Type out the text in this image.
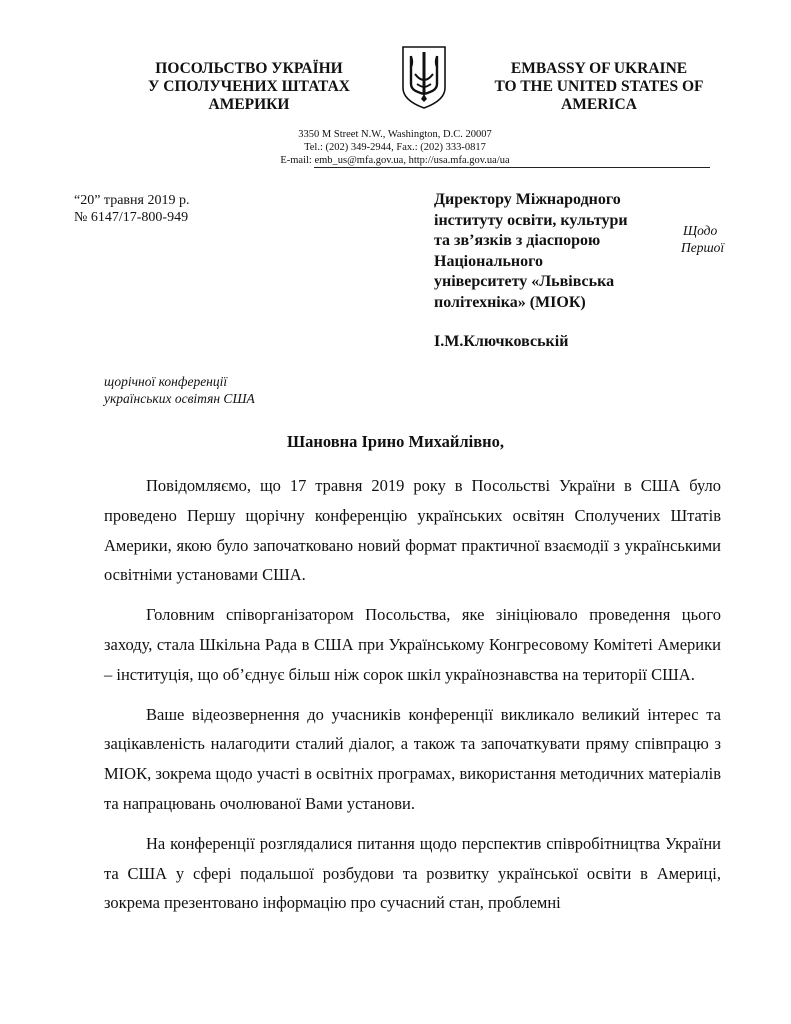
ПОСОЛЬСТВО УКРАЇНИ
У СПОЛУЧЕНИХ ШТАТАХ
АМЕРИКИ
EMBASSY OF UKRAINE
TO THE UNITED STATES OF
AMERICA
3350 M Street N.W., Washington, D.C. 20007
Tel.: (202) 349-2944, Fax.: (202) 333-0817
E-mail: emb_us@mfa.gov.ua, http://usa.mfa.gov.ua/ua
“20” травня 2019 р.
№ 6147/17-800-949
Директору Міжнародного
інституту освіти, культури
та зв’язків з діаспорою
Національного
університету «Львівська
політехніка» (МІОК)
І.М.Ключковській
Щодо
Першої
щорічної конференції
українських освітян США
Шановна Ірино Михайлівно,

Повідомляємо, що 17 травня 2019 року в Посольстві України в США було проведено Першу щорічну конференцію українських освітян Сполучених Штатів Америки, якою було започатковано новий формат практичної взаємодії з українськими освітніми установами США.

Головним співорганізатором Посольства, яке зініціювало проведення цього заходу, стала Шкільна Рада в США при Українському Конгресовому Комітеті Америки – інституція, що об’єднує більш ніж сорок шкіл українознавства на території США.

Ваше відеозвернення до учасників конференції викликало великий інтерес та зацікавленість налагодити сталий діалог, а також та започаткувати пряму співпрацю з МІОК, зокрема щодо участі в освітніх програмах, використання методичних матеріалів та напрацювань очолюваної Вами установи.

На конференції розглядалися питання щодо перспектив співробітництва України та США у сфері подальшої розбудови та розвитку української освіти в Америці, зокрема презентовано інформацію про сучасний стан, проблемні
